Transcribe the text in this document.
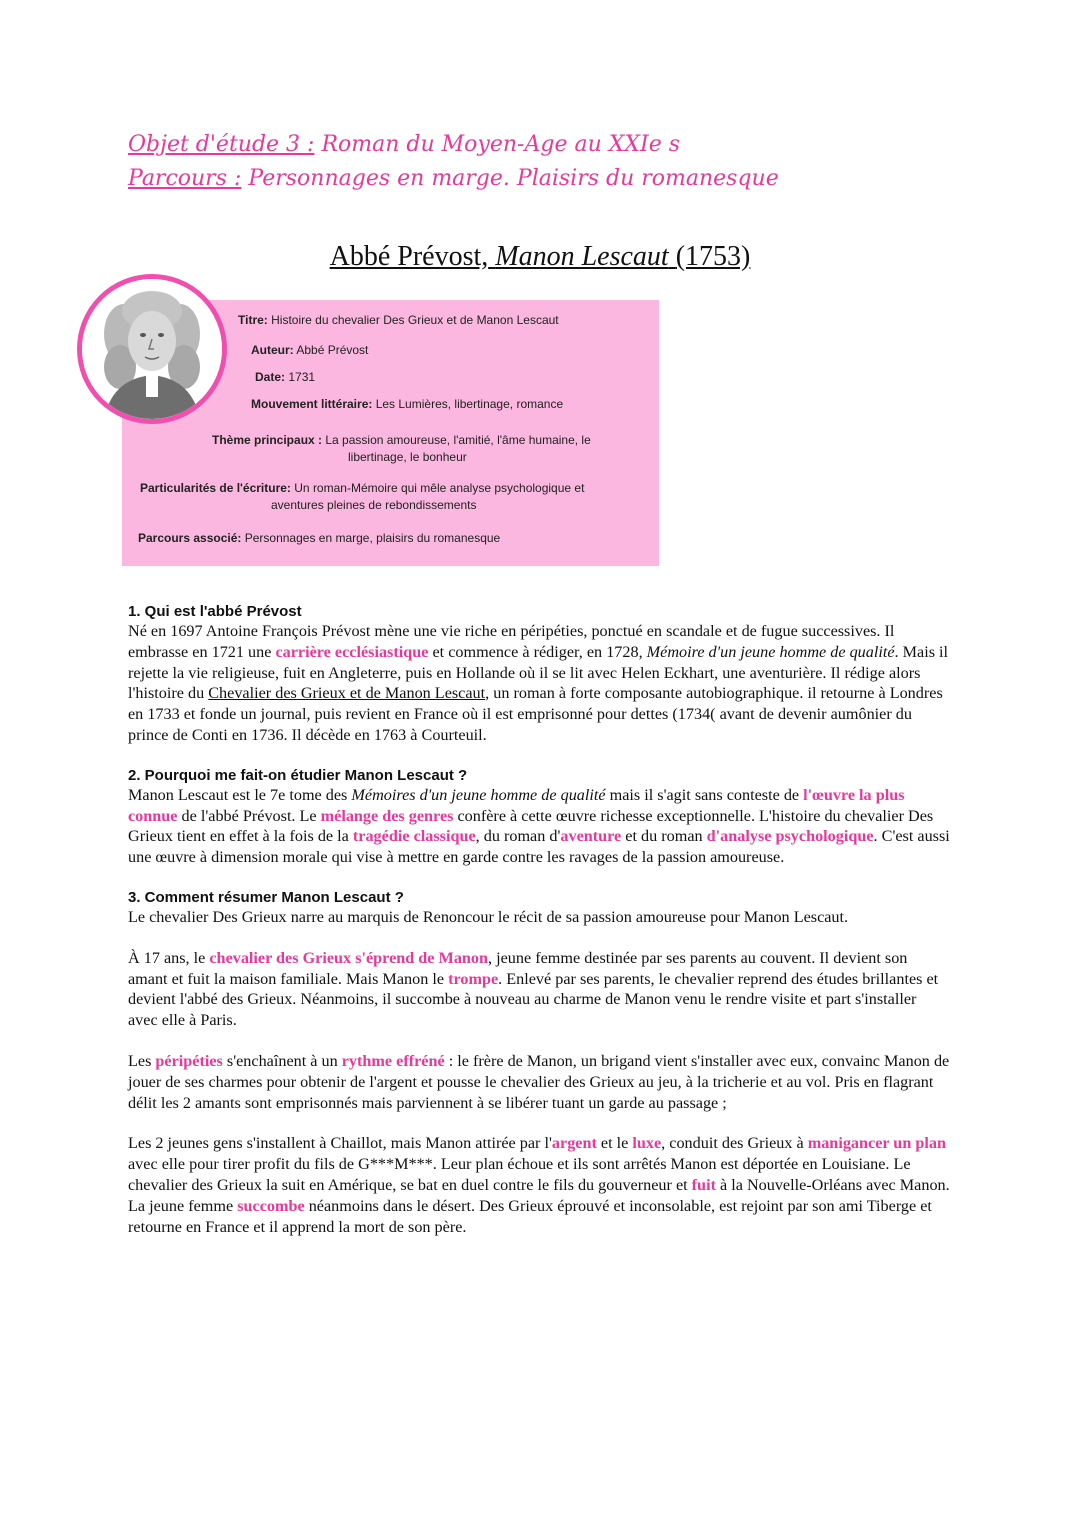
Objet d'étude 3 : Roman du Moyen-Age au XXIe s
Parcours : Personnages en marge. Plaisirs du romanesque
Abbé Prévost, Manon Lescaut (1753)
Titre: Histoire du chevalier Des Grieux et de Manon Lescaut
Auteur: Abbé Prévost
Date: 1731
Mouvement littéraire: Les Lumières, libertinage, romance
Thème principaux : La passion amoureuse, l'amitié, l'âme humaine, le
libertinage, le bonheur
Particularités de l'écriture: Un roman-Mémoire qui mêle analyse psychologique et
aventures pleines de rebondissements
Parcours associé: Personnages en marge, plaisirs du romanesque
1. Qui est l'abbé Prévost

Né en 1697 Antoine François Prévost mène une vie riche en péripéties, ponctué en scandale et de fugue successives. Il embrasse en 1721 une carrière ecclésiastique et commence à rédiger, en 1728, Mémoire d'un jeune homme de qualité. Mais il rejette la vie religieuse, fuit en Angleterre, puis en Hollande où il se lit avec Helen Eckhart, une aventurière. Il rédige alors l'histoire du Chevalier des Grieux et de Manon Lescaut, un roman à forte composante autobiographique. il retourne à Londres en 1733 et fonde un journal, puis revient en France où il est emprisonné pour dettes (1734( avant de devenir aumônier du prince de Conti en 1736. Il décède en 1763 à Courteuil.

2. Pourquoi me fait-on étudier Manon Lescaut ?

Manon Lescaut est le 7e tome des Mémoires d'un jeune homme de qualité mais il s'agit sans conteste de l'œuvre la plus connue de l'abbé Prévost. Le mélange des genres confère à cette œuvre richesse exceptionnelle. L'histoire du chevalier Des Grieux tient en effet à la fois de la tragédie classique, du roman d'aventure et du roman d'analyse psychologique. C'est aussi une œuvre à dimension morale qui vise à mettre en garde contre les ravages de la passion amoureuse.

3. Comment résumer Manon Lescaut ?

Le chevalier Des Grieux narre au marquis de Renoncour le récit de sa passion amoureuse pour Manon Lescaut.

À 17 ans, le chevalier des Grieux s'éprend de Manon, jeune femme destinée par ses parents au couvent. Il devient son amant et fuit la maison familiale. Mais Manon le trompe. Enlevé par ses parents, le chevalier reprend des études brillantes et devient l'abbé des Grieux. Néanmoins, il succombe à nouveau au charme de Manon venu le rendre visite et part s'installer avec elle à Paris.

Les péripéties s'enchaînent à un rythme effréné : le frère de Manon, un brigand vient s'installer avec eux, convainc Manon de jouer de ses charmes pour obtenir de l'argent et pousse le chevalier des Grieux au jeu, à la tricherie et au vol. Pris en flagrant délit les 2 amants sont emprisonnés mais parviennent à se libérer tuant un garde au passage ;

Les 2 jeunes gens s'installent à Chaillot, mais Manon attirée par l'argent et le luxe, conduit des Grieux à manigancer un plan avec elle pour tirer profit du fils de G***M***. Leur plan échoue et ils sont arrêtés Manon est déportée en Louisiane. Le chevalier des Grieux la suit en Amérique, se bat en duel contre le fils du gouverneur et fuit à la Nouvelle-Orléans avec Manon. La jeune femme succombe néanmoins dans le désert. Des Grieux éprouvé et inconsolable, est rejoint par son ami Tiberge et retourne en France et il apprend la mort de son père.
